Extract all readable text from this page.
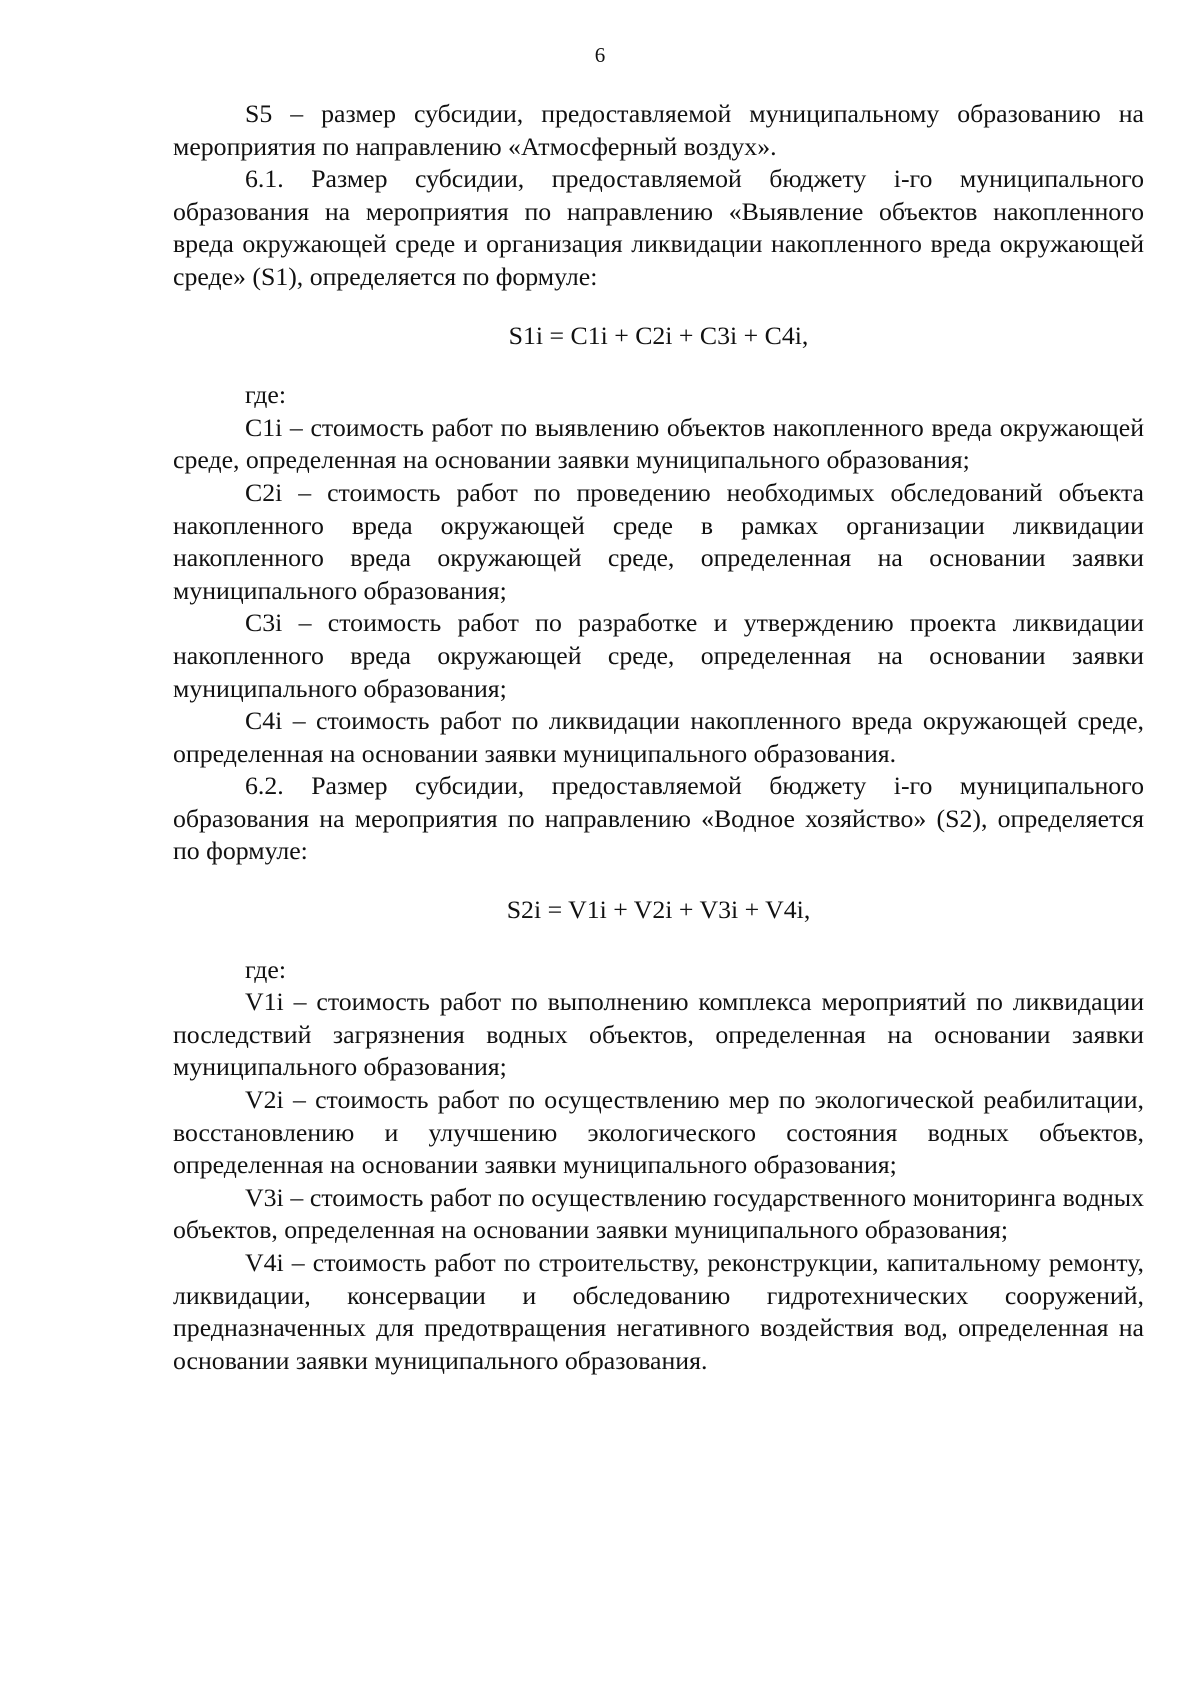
6

S5 – размер субсидии, предоставляемой муниципальному образованию на мероприятия по направлению «Атмосферный воздух».

6.1. Размер субсидии, предоставляемой бюджету i-го муниципального образования на мероприятия по направлению «Выявление объектов накопленного вреда окружающей среде и организация ликвидации накопленного вреда окружающей среде» (S1), определяется по формуле:

S1i = C1i + C2i + C3i + C4i,

где:

C1i – стоимость работ по выявлению объектов накопленного вреда окружающей среде, определенная на основании заявки муниципального образования;

C2i – стоимость работ по проведению необходимых обследований объекта накопленного вреда окружающей среде в рамках организации ликвидации накопленного вреда окружающей среде, определенная на основании заявки муниципального образования;

C3i – стоимость работ по разработке и утверждению проекта ликвидации накопленного вреда окружающей среде, определенная на основании заявки муниципального образования;

C4i – стоимость работ по ликвидации накопленного вреда окружающей среде, определенная на основании заявки муниципального образования.

6.2. Размер субсидии, предоставляемой бюджету i-го муниципального образования на мероприятия по направлению «Водное хозяйство» (S2), определяется по формуле:

S2i = V1i + V2i + V3i + V4i,

где:

V1i – стоимость работ по выполнению комплекса мероприятий по ликвидации последствий загрязнения водных объектов, определенная на основании заявки муниципального образования;

V2i – стоимость работ по осуществлению мер по экологической реабилитации, восстановлению и улучшению экологического состояния водных объектов, определенная на основании заявки муниципального образования;

V3i – стоимость работ по осуществлению государственного мониторинга водных объектов, определенная на основании заявки муниципального образования;

V4i – стоимость работ по строительству, реконструкции, капитальному ремонту, ликвидации, консервации и обследованию гидротехнических сооружений, предназначенных для предотвращения негативного воздействия вод, определенная на основании заявки муниципального образования.
